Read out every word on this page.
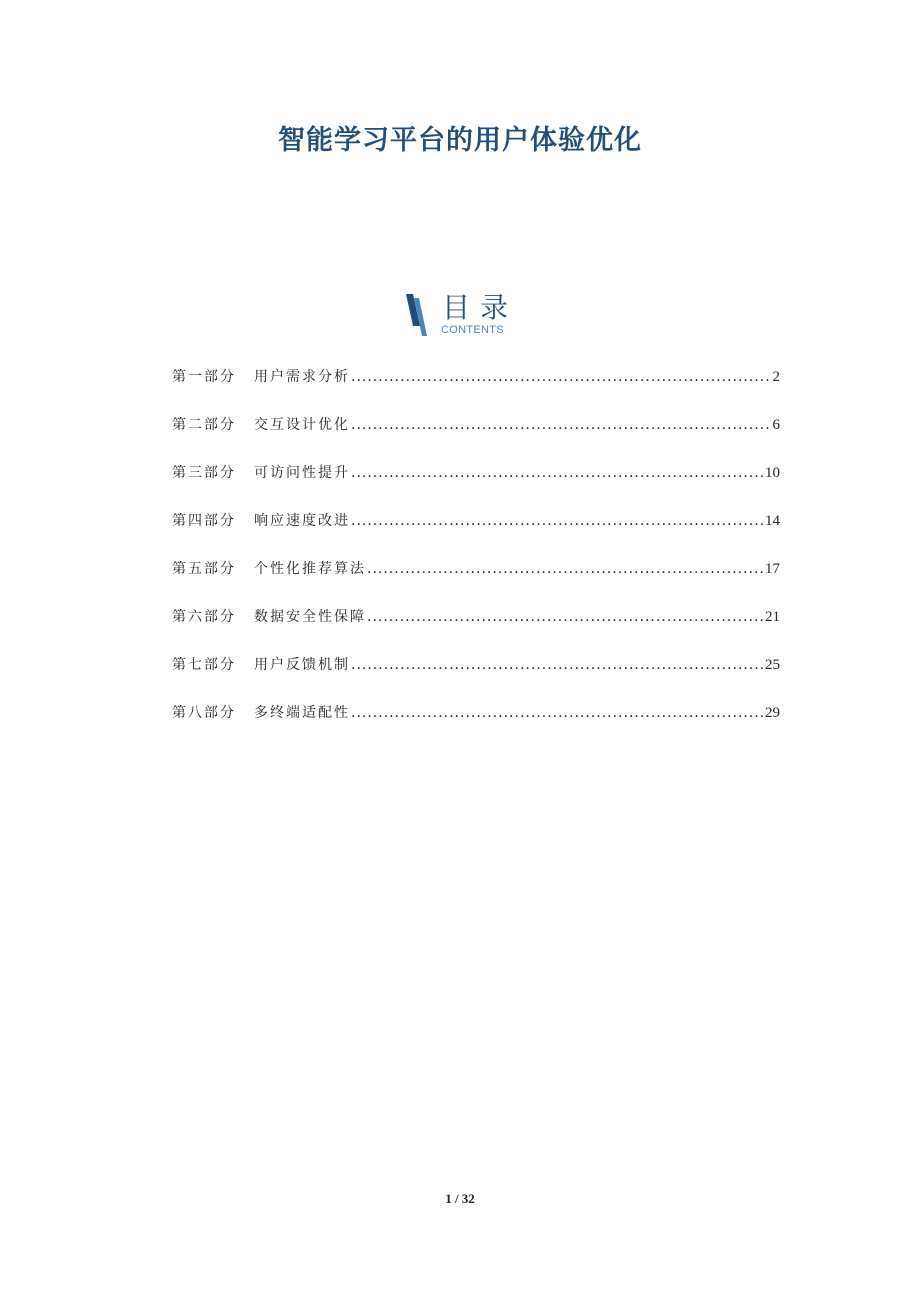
智能学习平台的用户体验优化
目录
CONTENTS
第一部分	用户需求分析 .....	2
第二部分	交互设计优化 .....	6
第三部分	可访问性提升 .....	10
第四部分	响应速度改进 .....	14
第五部分	个性化推荐算法 .....	17
第六部分	数据安全性保障 .....	21
第七部分	用户反馈机制 .....	25
第八部分	多终端适配性 .....	29
1 / 32
